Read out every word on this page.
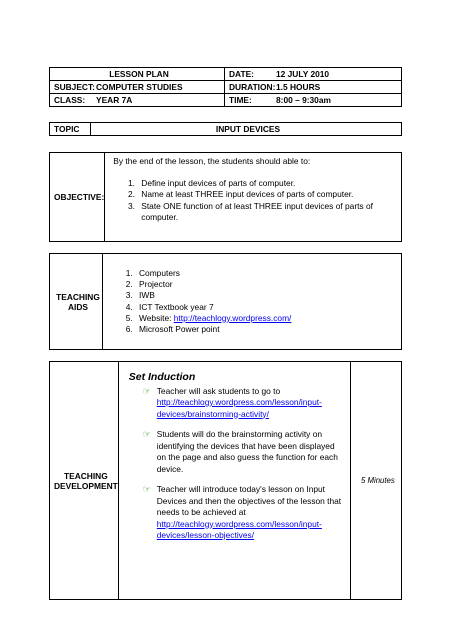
LESSON PLAN	DATE: 12 JULY 2010
SUBJECT:COMPUTER STUDIES	DURATION:1.5 HOURS
CLASS: YEAR 7A	TIME: 8:00 – 9:30am
TOPIC	INPUT DEVICES
OBJECTIVE:	
By the end of the lesson, the students should able to:
1. Define input devices of parts of computer.
2. Name at least THREE input devices of parts of computer.
3. State ONE function of at least THREE input devices of parts of computer.
TEACHING
AIDS

1. Computers
2. Projector
3. IWB
4. ICT Textbook year 7
5. Website: http://teachlogy.wordpress.com/
6. Microsoft Power point
TEACHING
DEVELOPMENT

Set Induction
☞ Teacher will ask students to go to
http://teachlogy.wordpress.com/lesson/input-
devices/brainstorming-activity/
☞ Students will do the brainstorming activity on identifying the devices that have been displayed on the page and also guess the function for each device.
☞ Teacher will introduce today's lesson on Input Devices and then the objectives of the lesson that needs to be achieved at
http://teachlogy.wordpress.com/lesson/input-
devices/lesson-objectives/
	5 Minutes
